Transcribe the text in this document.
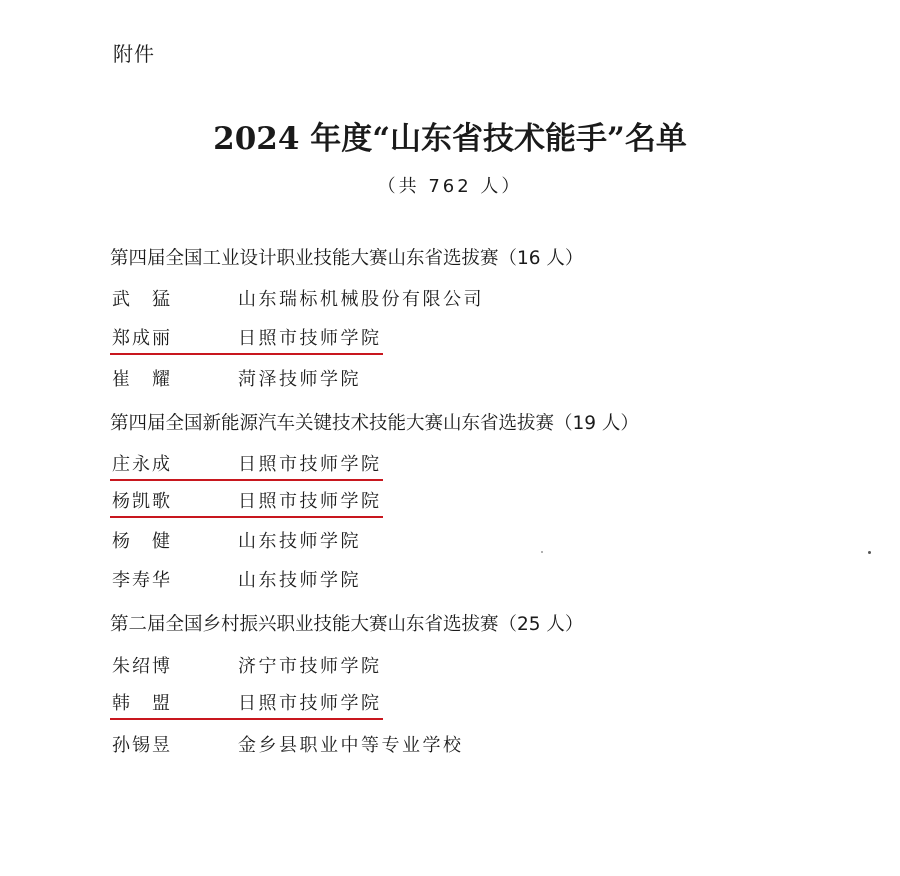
附件
2024 年度“山东省技术能手”名单
（共 762 人）
第四届全国工业设计职业技能大赛山东省选拔赛（16 人）
武　猛	山东瑞标机械股份有限公司
郑成丽	日照市技师学院
崔　耀	菏泽技师学院
第四届全国新能源汽车关键技术技能大赛山东省选拔赛（19 人）
庄永成	日照市技师学院
杨凯歌	日照市技师学院
杨　健	山东技师学院
李寿华	山东技师学院
第二届全国乡村振兴职业技能大赛山东省选拔赛（25 人）
朱绍博	济宁市技师学院
韩　盟	日照市技师学院
孙锡昱	金乡县职业中等专业学校
